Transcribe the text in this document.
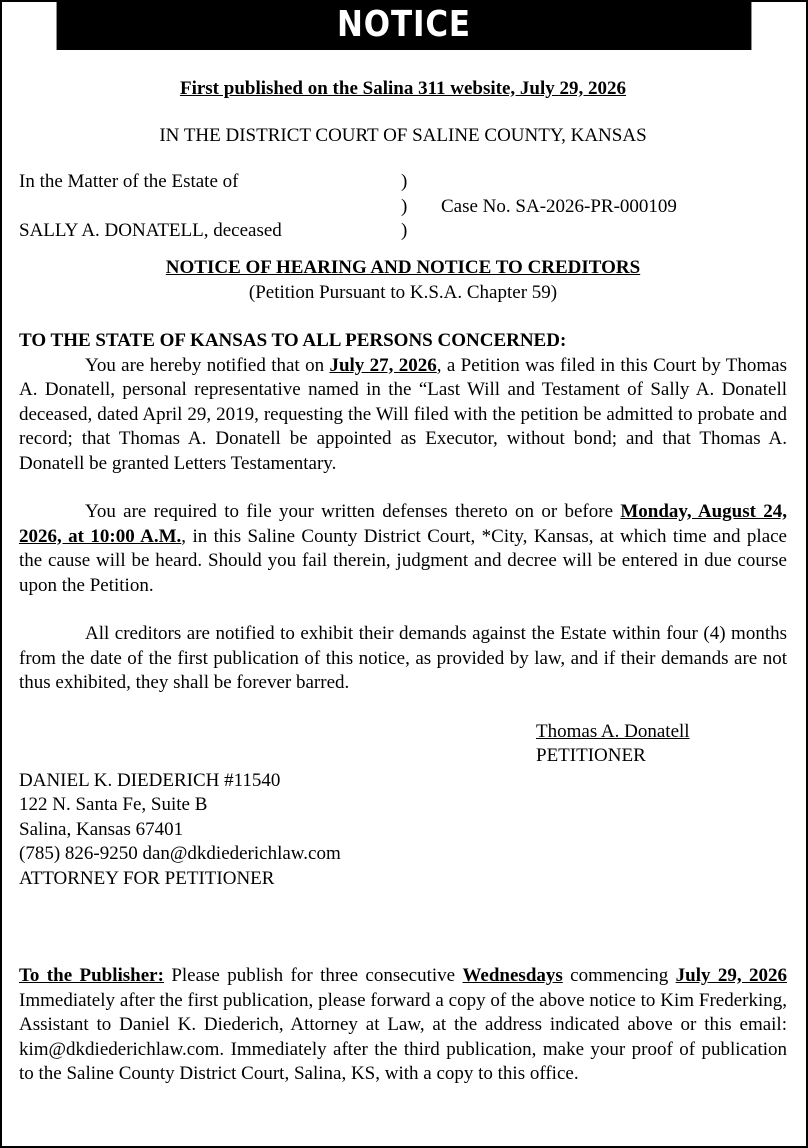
NOTICE
First published on the Salina 311 website, July 29, 2026
IN THE DISTRICT COURT OF SALINE COUNTY, KANSAS
In the Matter of the Estate of
SALLY A. DONATELL, deceased
)
)
)
Case No. SA-2026-PR-000109
NOTICE OF HEARING AND NOTICE TO CREDITORS
(Petition Pursuant to K.S.A. Chapter 59)
TO THE STATE OF KANSAS TO ALL PERSONS CONCERNED:
You are hereby notified that on July 27, 2026, a Petition was filed in this Court by Thomas A. Donatell, personal representative named in the “Last Will and Testament of Sally A. Donatell deceased, dated April 29, 2019, requesting the Will filed with the petition be admitted to probate and record; that Thomas A. Donatell be appointed as Executor, without bond; and that Thomas A. Donatell be granted Letters Testamentary.
You are required to file your written defenses thereto on or before Monday, August 24, 2026, at 10:00 A.M., in this Saline County District Court, *City, Kansas, at which time and place the cause will be heard. Should you fail therein, judgment and decree will be entered in due course upon the Petition.
All creditors are notified to exhibit their demands against the Estate within four (4) months from the date of the first publication of this notice, as provided by law, and if their demands are not thus exhibited, they shall be forever barred.
Thomas A. Donatell
PETITIONER
DANIEL K. DIEDERICH #11540
122 N. Santa Fe, Suite B
Salina, Kansas 67401
(785) 826-9250 dan@dkdiederichlaw.com
ATTORNEY FOR PETITIONER
To the Publisher: Please publish for three consecutive Wednesdays commencing July 29, 2026 Immediately after the first publication, please forward a copy of the above notice to Kim Frederking, Assistant to Daniel K. Diederich, Attorney at Law, at the address indicated above or this email: kim@dkdiederichlaw.com. Immediately after the third publication, make your proof of publication to the Saline County District Court, Salina, KS, with a copy to this office.
